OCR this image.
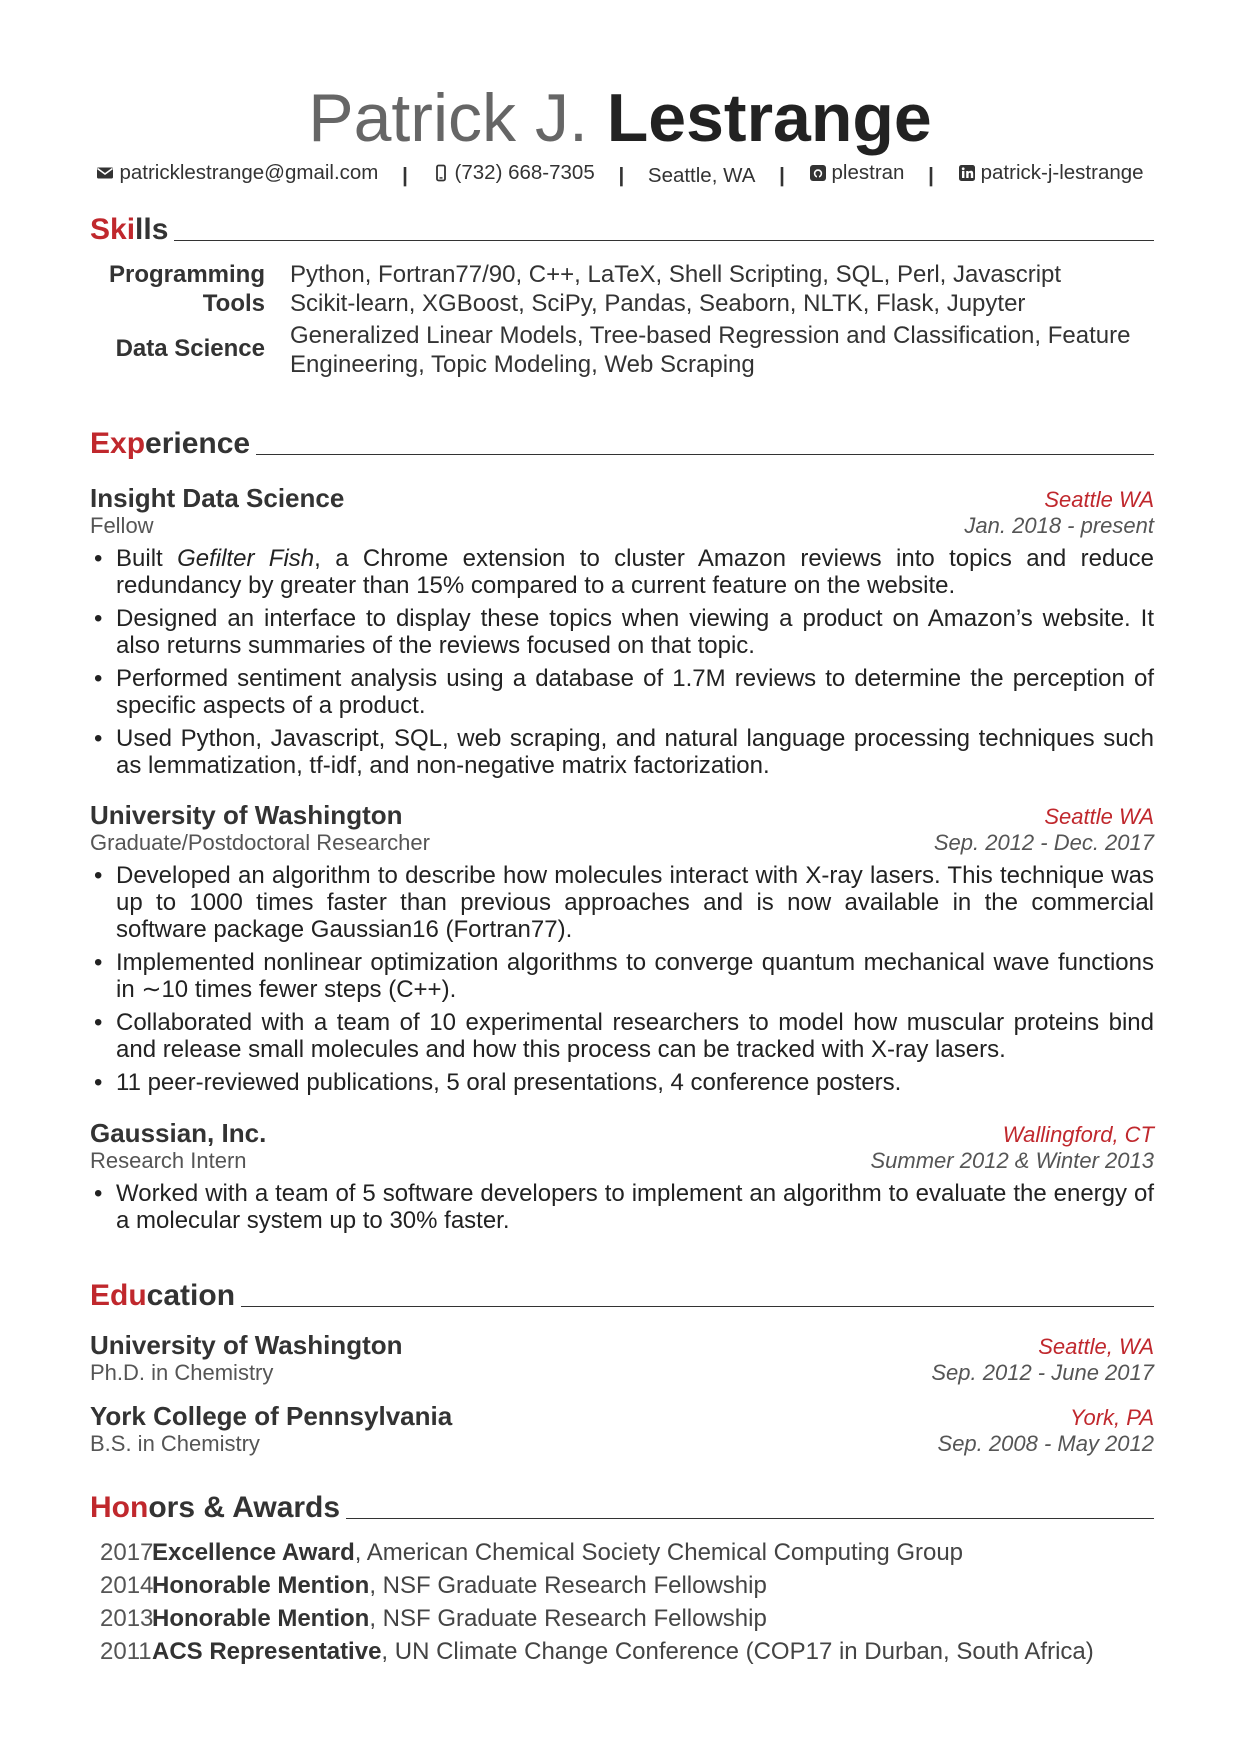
Patrick J. Lestrange
patricklestrange@gmail.com | (732) 668-7305 | Seattle, WA | plestran | patrick-j-lestrange
Skills
Programming	Python, Fortran77/90, C++, LaTeX, Shell Scripting, SQL, Perl, Javascript
Tools	Scikit-learn, XGBoost, SciPy, Pandas, Seaborn, NLTK, Flask, Jupyter
Data Science	Generalized Linear Models, Tree-based Regression and Classification, Feature Engineering, Topic Modeling, Web Scraping
Experience
Insight Data Science	Seattle WA
Fellow	Jan. 2018 - present
• Built Gefilter Fish, a Chrome extension to cluster Amazon reviews into topics and reduce redundancy by greater than 15% compared to a current feature on the website.
• Designed an interface to display these topics when viewing a product on Amazon’s website. It also returns summaries of the reviews focused on that topic.
• Performed sentiment analysis using a database of 1.7M reviews to determine the perception of specific aspects of a product.
• Used Python, Javascript, SQL, web scraping, and natural language processing techniques such as lemmatization, tf-idf, and non-negative matrix factorization.
University of Washington	Seattle WA
Graduate/Postdoctoral Researcher	Sep. 2012 - Dec. 2017
• Developed an algorithm to describe how molecules interact with X-ray lasers. This technique was up to 1000 times faster than previous approaches and is now available in the commercial software package Gaussian16 (Fortran77).
• Implemented nonlinear optimization algorithms to converge quantum mechanical wave functions in ∼10 times fewer steps (C++).
• Collaborated with a team of 10 experimental researchers to model how muscular proteins bind and release small molecules and how this process can be tracked with X-ray lasers.
• 11 peer-reviewed publications, 5 oral presentations, 4 conference posters.
Gaussian, Inc.	Wallingford, CT
Research Intern	Summer 2012 & Winter 2013
• Worked with a team of 5 software developers to implement an algorithm to evaluate the energy of a molecular system up to 30% faster.
Education
University of Washington	Seattle, WA
Ph.D. in Chemistry	Sep. 2012 - June 2017
York College of Pennsylvania	York, PA
B.S. in Chemistry	Sep. 2008 - May 2012
Honors & Awards
2017Excellence Award, American Chemical Society Chemical Computing Group
2014Honorable Mention, NSF Graduate Research Fellowship
2013Honorable Mention, NSF Graduate Research Fellowship
2011ACS Representative, UN Climate Change Conference (COP17 in Durban, South Africa)
